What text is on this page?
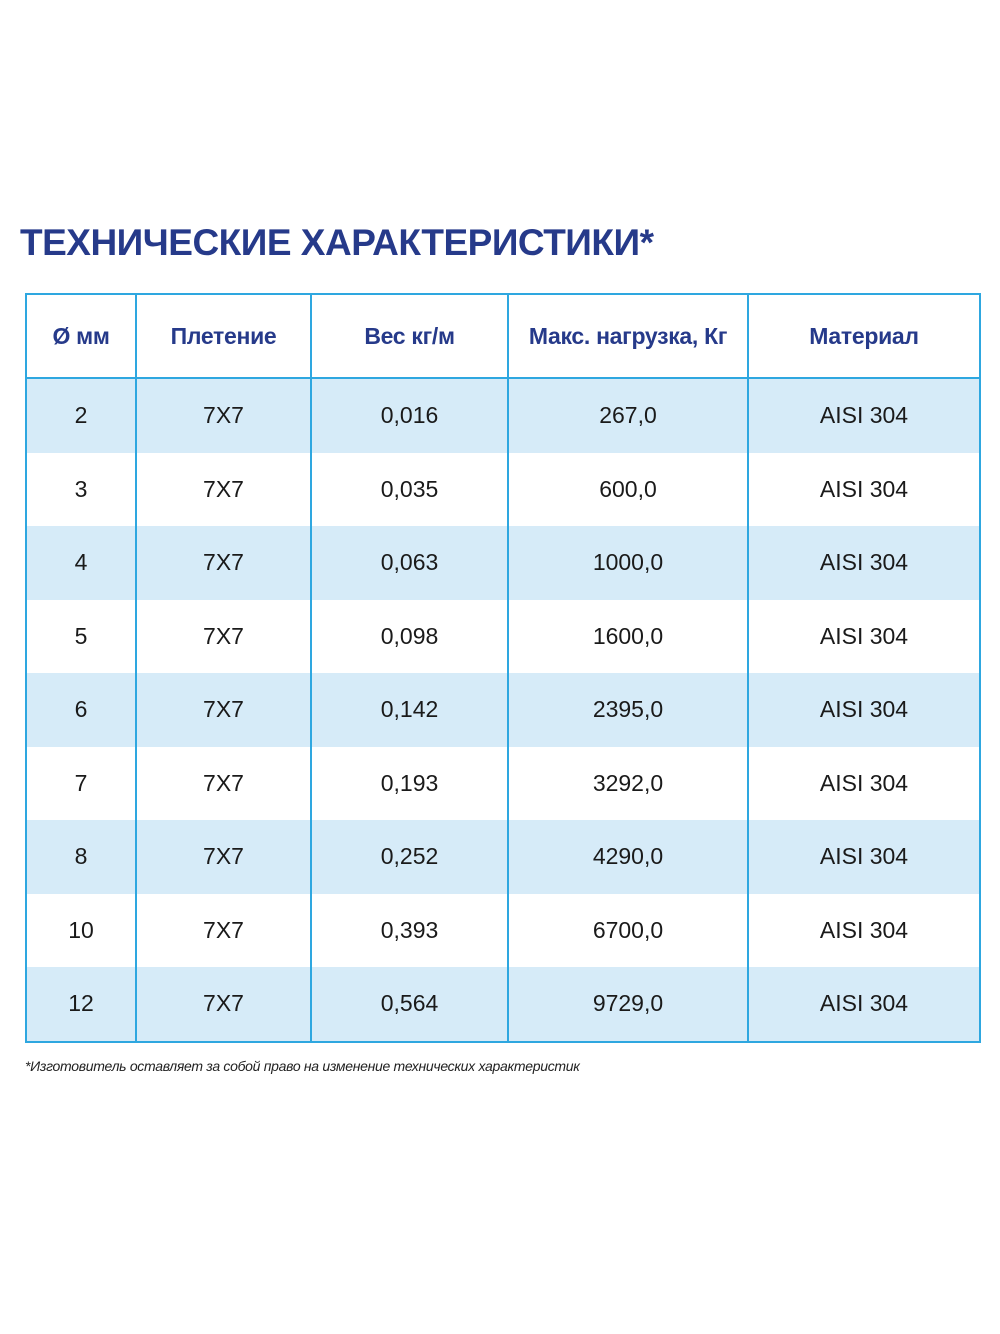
ТЕХНИЧЕСКИЕ ХАРАКТЕРИСТИКИ*
Ø мм	Плетение	Вес кг/м	Макс. нагрузка, Кг	Материал
2	7X7	0,016	267,0	AISI 304
3	7X7	0,035	600,0	AISI 304
4	7X7	0,063	1000,0	AISI 304
5	7X7	0,098	1600,0	AISI 304
6	7X7	0,142	2395,0	AISI 304
7	7X7	0,193	3292,0	AISI 304
8	7X7	0,252	4290,0	AISI 304
10	7X7	0,393	6700,0	AISI 304
12	7X7	0,564	9729,0	AISI 304

*Изготовитель оставляет за собой право на изменение технических характеристик
